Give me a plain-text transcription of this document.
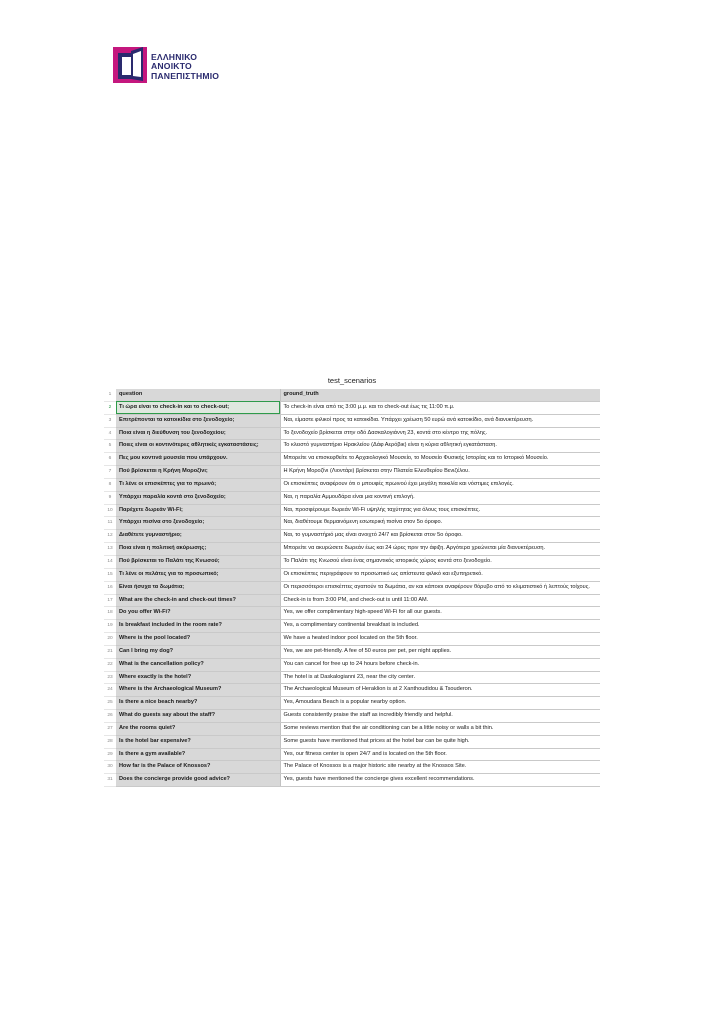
ΕΛΛΗΝΙΚΟ
ΑΝΟΙΚΤΟ
ΠΑΝΕΠΙΣΤΗΜΙΟ
test_scenarios
1	question	ground_truth
2	Τι ώρα είναι το check-in και το check-out;	Το check-in είναι από τις 3:00 μ.μ. και το check-out έως τις 11:00 π.μ.
3	Επιτρέπονται τα κατοικίδια στο ξενοδοχείο;	Ναι, είμαστε φιλικοί προς τα κατοικίδια. Υπάρχει χρέωση 50 ευρώ ανά κατοικίδιο, ανά διανυκτέρευση.
4	Ποια είναι η διεύθυνση του ξενοδοχείου;	Το ξενοδοχείο βρίσκεται στην οδό Δασκαλογιάννη 23, κοντά στο κέντρο της πόλης.
5	Ποιες είναι οι κοντινότερες αθλητικές εγκαταστάσεις;	Το κλειστό γυμναστήριο Ηρακλείου (Δάφ Αερόβικ) είναι η κύρια αθλητική εγκατάσταση.
6	Πες μου κοντινά μουσεία που υπάρχουν.	Μπορείτε να επισκεφθείτε το Αρχαιολογικό Μουσείο, το Μουσείο Φυσικής Ιστορίας και το Ιστορικό Μουσείο.
7	Πού βρίσκεται η Κρήνη Μοροζίνι;	Η Κρήνη Μοροζίνι (Λιοντάρι) βρίσκεται στην Πλατεία Ελευθερίου Βενιζέλου.
8	Τι λένε οι επισκέπτες για το πρωινό;	Οι επισκέπτες αναφέρουν ότι ο μπουφές πρωινού έχει μεγάλη ποικιλία και νόστιμες επιλογές.
9	Υπάρχει παραλία κοντά στο ξενοδοχείο;	Ναι, η παραλία Αμμουδάρα είναι μια κοντινή επιλογή.
10	Παρέχετε δωρεάν Wi-Fi;	Ναι, προσφέρουμε δωρεάν Wi-Fi υψηλής ταχύτητας για όλους τους επισκέπτες.
11	Υπάρχει πισίνα στο ξενοδοχείο;	Ναι, διαθέτουμε θερμαινόμενη εσωτερική πισίνα στον 5ο όροφο.
12	Διαθέτετε γυμναστήριο;	Ναι, το γυμναστήριό μας είναι ανοιχτό 24/7 και βρίσκεται στον 5ο όροφο.
13	Ποια είναι η πολιτική ακύρωσης;	Μπορείτε να ακυρώσετε δωρεάν έως και 24 ώρες πριν την άφιξη. Αργότερα χρεώνεται μία διανυκτέρευση.
14	Πού βρίσκεται το Παλάτι της Κνωσού;	Το Παλάτι της Κνωσού είναι ένας σημαντικός ιστορικός χώρος κοντά στο ξενοδοχείο.
15	Τι λένε οι πελάτες για το προσωπικό;	Οι επισκέπτες περιγράφουν το προσωπικό ως απίστευτα φιλικό και εξυπηρετικό.
16	Είναι ήσυχα τα δωμάτια;	Οι περισσότεροι επισκέπτες αγαπούν τα δωμάτια, αν και κάποιοι αναφέρουν θόρυβο από το κλιματιστικό ή λεπτούς τοίχους.
17	What are the check-in and check-out times?	Check-in is from 3:00 PM, and check-out is until 11:00 AM.
18	Do you offer Wi-Fi?	Yes, we offer complimentary high-speed Wi-Fi for all our guests.
19	Is breakfast included in the room rate?	Yes, a complimentary continental breakfast is included.
20	Where is the pool located?	We have a heated indoor pool located on the 5th floor.
21	Can I bring my dog?	Yes, we are pet-friendly. A fee of 50 euros per pet, per night applies.
22	What is the cancellation policy?	You can cancel for free up to 24 hours before check-in.
23	Where exactly is the hotel?	The hotel is at Daskalogianni 23, near the city center.
24	Where is the Archaeological Museum?	The Archaeological Museum of Heraklion is at 2 Xanthoudidou & Tsouderon.
25	Is there a nice beach nearby?	Yes, Amoudara Beach is a popular nearby option.
26	What do guests say about the staff?	Guests consistently praise the staff as incredibly friendly and helpful.
27	Are the rooms quiet?	Some reviews mention that the air conditioning can be a little noisy or walls a bit thin.
28	Is the hotel bar expensive?	Some guests have mentioned that prices at the hotel bar can be quite high.
29	Is there a gym available?	Yes, our fitness center is open 24/7 and is located on the 5th floor.
30	How far is the Palace of Knossos?	The Palace of Knossos is a major historic site nearby at the Knossos Site.
31	Does the concierge provide good advice?	Yes, guests have mentioned the concierge gives excellent recommendations.
